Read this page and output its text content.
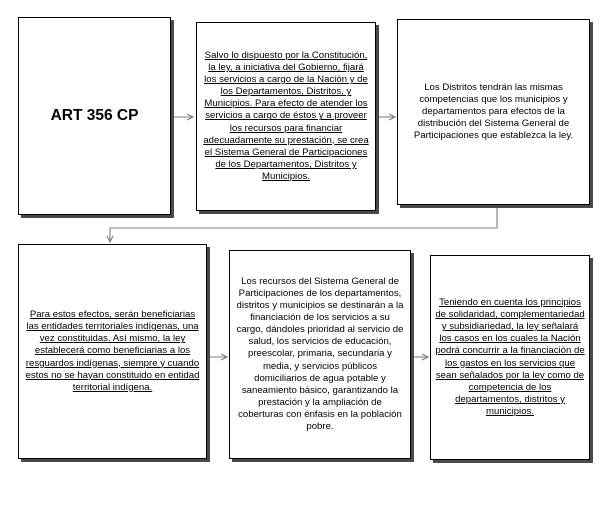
ART 356 CP
Salvo lo dispuesto por la Constitución, la ley, a iniciativa del Gobierno, fijará los servicios a cargo de la Nación y de los Departamentos, Distritos, y Municipios. Para efecto de atender los servicios a cargo de éstos y a proveer los recursos para financiar adecuadamente su prestación, se crea el Sistema General de Participaciones de los Departamentos, Distritos y Municipios.
Los Distritos tendrán las mismas competencias que los municipios y departamentos para efectos de la distribución del Sistema General de Participaciones que establezca la ley.
Para estos efectos, serán beneficiarias las entidades territoriales indígenas, una vez constituidas. Así mismo, la ley establecerá como beneficiarias a los resguardos indígenas, siempre y cuando estos no se hayan constituido en entidad territorial indígena.
Los recursos del Sistema General de Participaciones de los departamentos, distritos y municipios se destinarán a la financiación de los servicios a su cargo, dándoles prioridad al servicio de salud, los servicios de educación, preescolar, primaria, secundaria y media, y servicios públicos domiciliarios de agua potable y saneamiento básico, garantizando la prestación y la ampliación de coberturas con énfasis en la población pobre.
Teniendo en cuenta los principios de solidaridad, complementariedad y subsidiariedad, la ley señalará los casos en los cuales la Nación podrá concurrir a la financiación de los gastos en los servicios que sean señalados por la ley como de competencia de los departamentos, distritos y municipios.
